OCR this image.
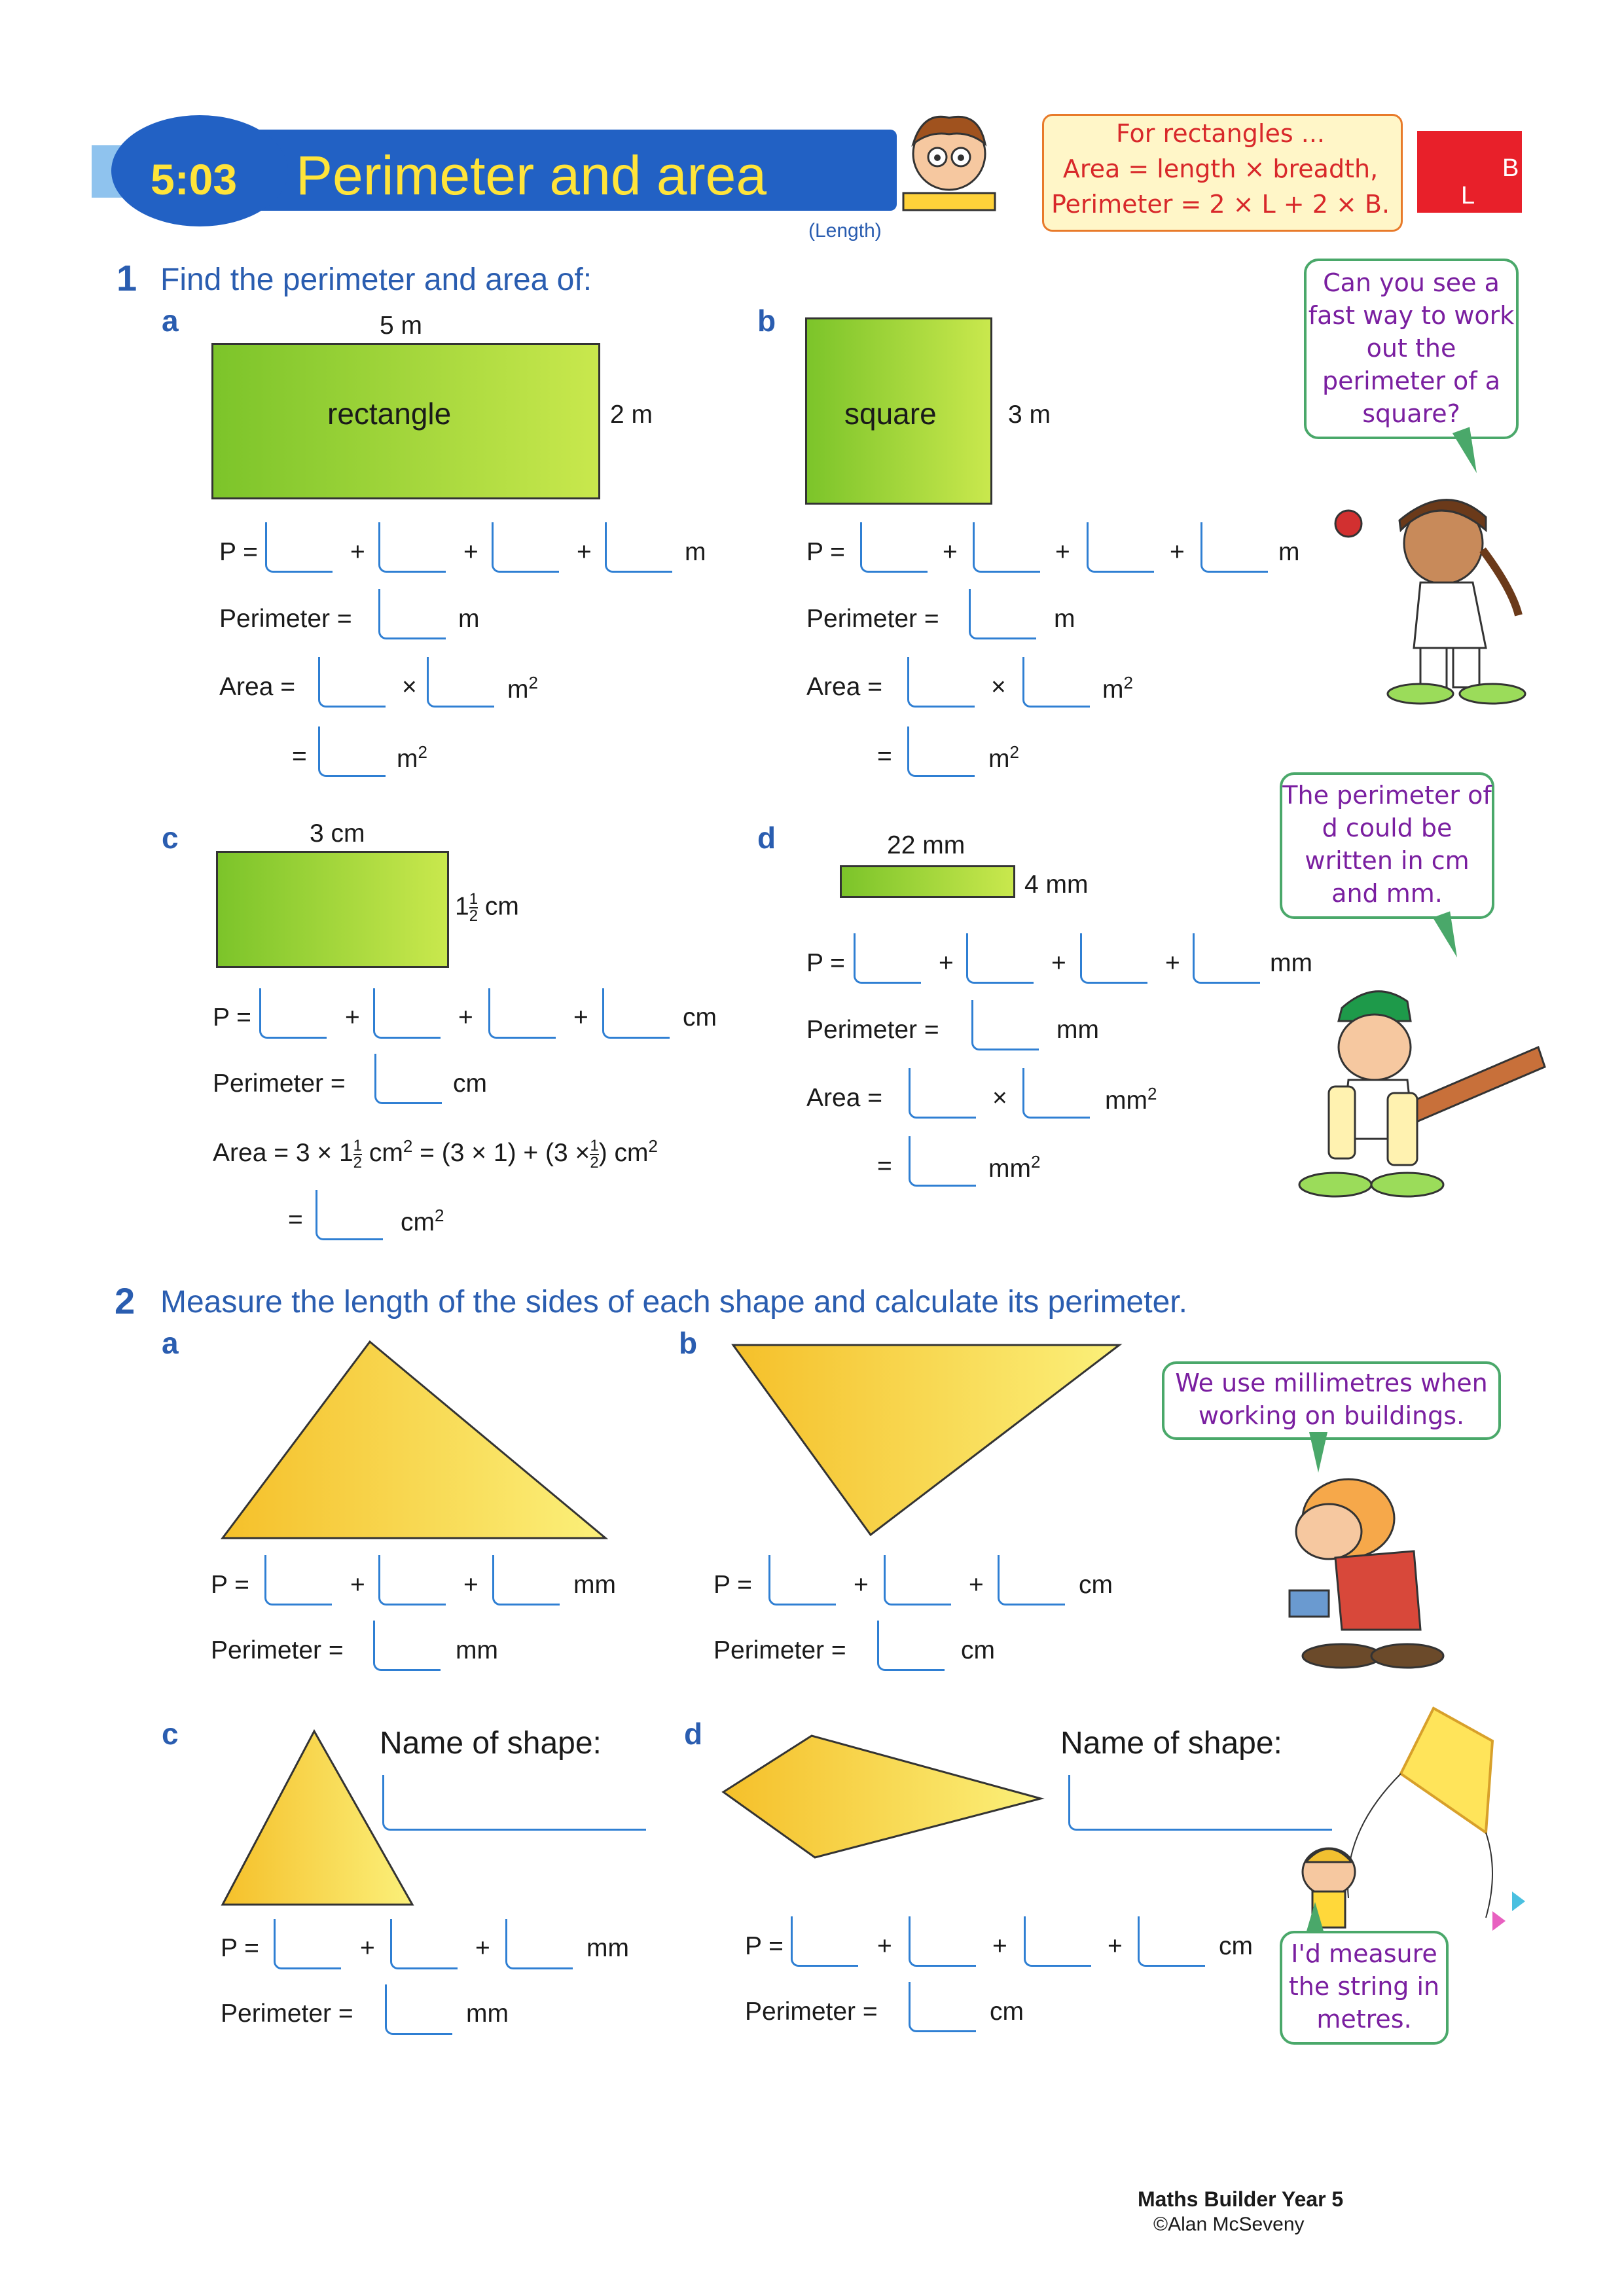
5:03 Perimeter and area
(Length)
For rectangles ...
Area = length × breadth,
Perimeter = 2 × L + 2 × B.
B
L
1 Find the perimeter and area of:
a	5 m
rectangle	2 m
P =	+	+	+	m
Perimeter =	m
Area =	×	$m^2$
=	$m^2$
b
square	3 m
P =	+	+	+	m
Perimeter =	m
Area =	×	$m^2$
=	$m^2$
Can you see a fast way to work out the perimeter of a square?
c	3 cm
$1 \frac{1}{2}$ cm
P =	+	+	+	cm
Perimeter =	cm
Area = $3 \times 1 \frac{1}{2} cm^2 = (3 \times 1) + (3 \times \frac{1}{2}$ ) $cm^2$
=	$cm^2$
d	22 mm
4 mm
P =	+	+	+	mm
Perimeter =	mm
Area =	×	$mm^2$
=	$mm^2$
The perimeter of d could be written in cm and mm.
2 Measure the length of the sides of each shape and calculate its perimeter.
a
P =	+	+	mm
Perimeter =	mm
b
P =	+	+	cm
Perimeter =	cm
We use millimetres when working on buildings.
c	Name of shape:
P =	+	+	mm
Perimeter =	mm
d	Name of shape:
P =	+	+	+	cm
Perimeter =	cm
I'd measure the string in metres.
Maths Builder Year 5
©Alan McSeveny
